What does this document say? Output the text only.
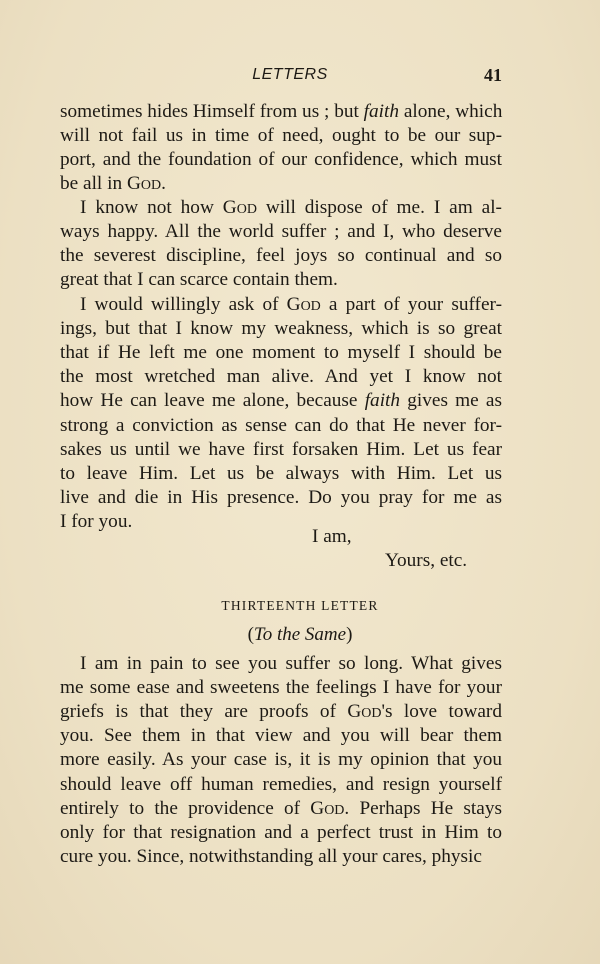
LETTERS	41
sometimes hides Himself from us ; but faith alone, which
will not fail us in time of need, ought to be our sup-
port, and the foundation of our confidence, which must
be all in God.
I know not how God will dispose of me. I am al-
ways happy. All the world suffer ; and I, who deserve
the severest discipline, feel joys so continual and so
great that I can scarce contain them.
I would willingly ask of God a part of your suffer-
ings, but that I know my weakness, which is so great
that if He left me one moment to myself I should be
the most wretched man alive. And yet I know not
how He can leave me alone, because faith gives me as
strong a conviction as sense can do that He never for-
sakes us until we have first forsaken Him. Let us fear
to leave Him. Let us be always with Him. Let us
live and die in His presence. Do you pray for me as
I for you.
I am in pain to see you suffer so long. What gives
me some ease and sweetens the feelings I have for your
griefs is that they are proofs of God's love toward
you. See them in that view and you will bear them
more easily. As your case is, it is my opinion that you
should leave off human remedies, and resign yourself
entirely to the providence of God. Perhaps He stays
only for that resignation and a perfect trust in Him to
cure you. Since, notwithstanding all your cares, physic
I am,
Yours, etc.
THIRTEENTH LETTER
(To the Same)
